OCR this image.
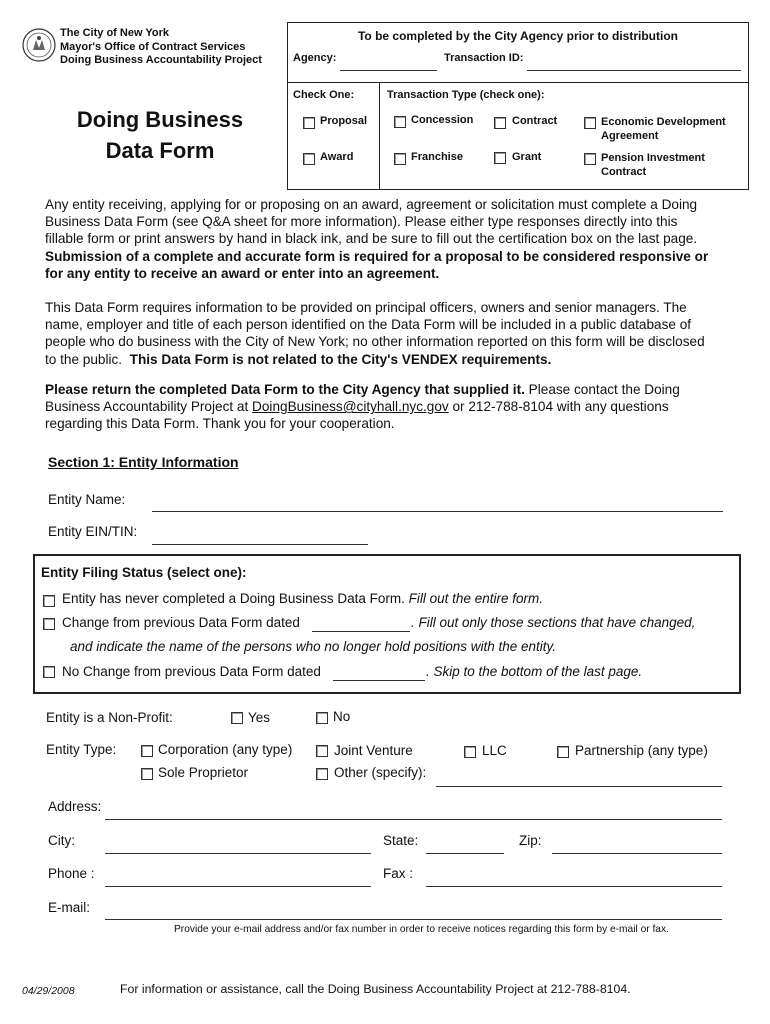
The City of New York
Mayor's Office of Contract Services
Doing Business Accountability Project
Doing Business
Data Form
To be completed by the City Agency prior to distribution
Agency:	Transaction ID:
Check One:	Transaction Type (check one):
Proposal
Award
Concession	Contract	Economic Development
Agreement
Franchise	Grant	Pension Investment
Contract
Any entity receiving, applying for or proposing on an award, agreement or solicitation must complete a Doing
Business Data Form (see Q&A sheet for more information). Please either type responses directly into this
fillable form or print answers by hand in black ink, and be sure to fill out the certification box on the last page.
Submission of a complete and accurate form is required for a proposal to be considered responsive or
for any entity to receive an award or enter into an agreement.
This Data Form requires information to be provided on principal officers, owners and senior managers. The
name, employer and title of each person identified on the Data Form will be included in a public database of
people who do business with the City of New York; no other information reported on this form will be disclosed
to the public. This Data Form is not related to the City's VENDEX requirements.
Please return the completed Data Form to the City Agency that supplied it. Please contact the Doing
Business Accountability Project at DoingBusiness@cityhall.nyc.gov or 212-788-8104 with any questions
regarding this Data Form. Thank you for your cooperation.
Section 1: Entity Information
Entity Name:
Entity EIN/TIN:
Entity Filing Status (select one):
Entity has never completed a Doing Business Data Form. Fill out the entire form.
Change from previous Data Form dated	. Fill out only those sections that have changed,
and indicate the name of the persons who no longer hold positions with the entity.
No Change from previous Data Form dated	. Skip to the bottom of the last page.
Entity is a Non-Profit:	Yes	No
Entity Type:	Corporation (any type)	Joint Venture	LLC	Partnership (any type)
Sole Proprietor	Other (specify):
Address:
City:	State:	Zip:
Phone :	Fax :
E-mail:
Provide your e-mail address and/or fax number in order to receive notices regarding this form by e-mail or fax.
04/29/2008	For information or assistance, call the Doing Business Accountability Project at 212-788-8104.
